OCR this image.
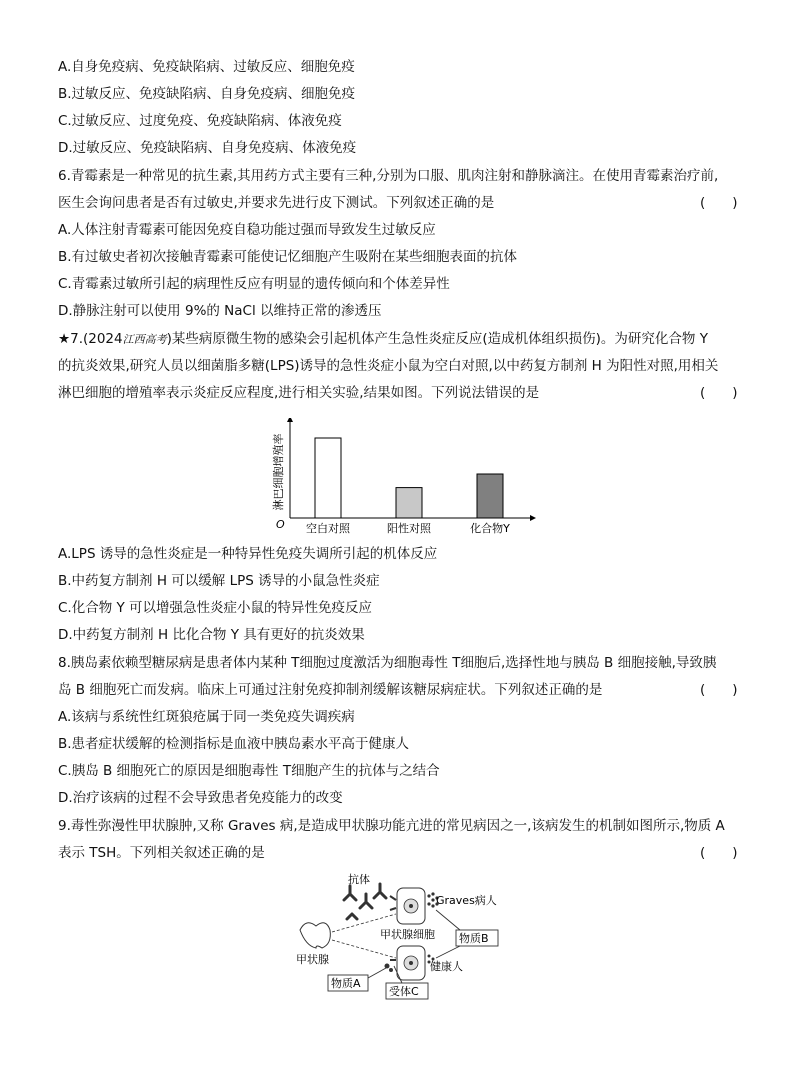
A.自身免疫病、免疫缺陷病、过敏反应、细胞免疫
B.过敏反应、免疫缺陷病、自身免疫病、细胞免疫
C.过敏反应、过度免疫、免疫缺陷病、体液免疫
D.过敏反应、免疫缺陷病、自身免疫病、体液免疫
6.青霉素是一种常见的抗生素,其用药方式主要有三种,分别为口服、肌肉注射和静脉滴注。在使用青霉素治疗前,
医生会询问患者是否有过敏史,并要求先进行皮下测试。下列叙述正确的是	(　　)
A.人体注射青霉素可能因免疫自稳功能过强而导致发生过敏反应
B.有过敏史者初次接触青霉素可能使记忆细胞产生吸附在某些细胞表面的抗体
C.青霉素过敏所引起的病理性反应有明显的遗传倾向和个体差异性
D.静脉注射可以使用 9%的 NaCl 以维持正常的渗透压
★7.(2024江西高考)某些病原微生物的感染会引起机体产生急性炎症反应(造成机体组织损伤)。为研究化合物 Y
的抗炎效果,研究人员以细菌脂多糖(LPS)诱导的急性炎症小鼠为空白对照,以中药复方制剂 H 为阳性对照,用相关
淋巴细胞的增殖率表示炎症反应程度,进行相关实验,结果如图。下列说法错误的是	(　　)
O
淋巴细胞增殖率
空白对照	阳性对照	化合物Y
A.LPS 诱导的急性炎症是一种特异性免疫失调所引起的机体反应
B.中药复方制剂 H 可以缓解 LPS 诱导的小鼠急性炎症
C.化合物 Y 可以增强急性炎症小鼠的特异性免疫反应
D.中药复方制剂 H 比化合物 Y 具有更好的抗炎效果
8.胰岛素依赖型糖尿病是患者体内某种 T细胞过度激活为细胞毒性 T细胞后,选择性地与胰岛 B 细胞接触,导致胰
岛 B 细胞死亡而发病。临床上可通过注射免疫抑制剂缓解该糖尿病症状。下列叙述正确的是	(　　)
A.该病与系统性红斑狼疮属于同一类免疫失调疾病
B.患者症状缓解的检测指标是血液中胰岛素水平高于健康人
C.胰岛 B 细胞死亡的原因是细胞毒性 T细胞产生的抗体与之结合
D.治疗该病的过程不会导致患者免疫能力的改变
9.毒性弥漫性甲状腺肿,又称 Graves 病,是造成甲状腺功能亢进的常见病因之一,该病发生的机制如图所示,物质 A
表示 TSH。下列相关叙述正确的是	(　　)
抗体
Graves病人
甲状腺细胞 物质B
甲状腺
健康人
物质A
受体C
